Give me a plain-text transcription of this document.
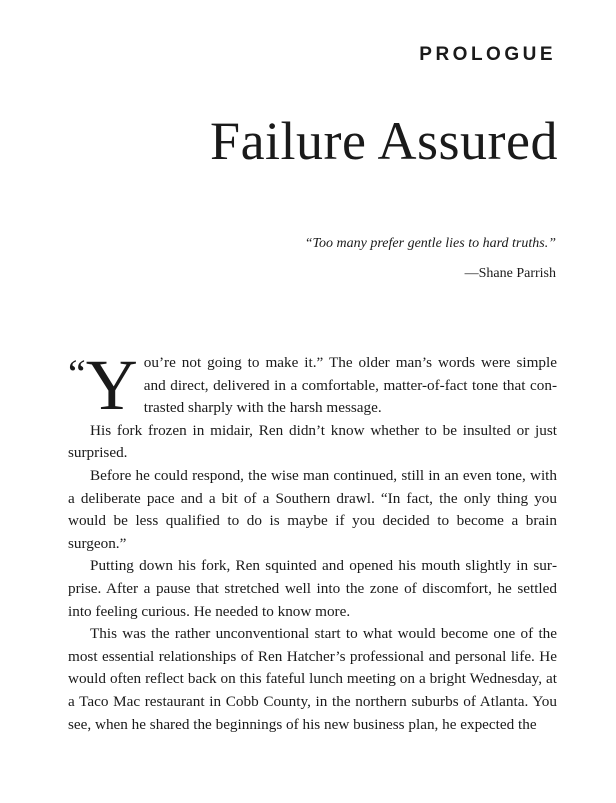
PROLOGUE
Failure Assured
“Too many prefer gentle lies to hard truths.”
—Shane Parrish

“ Y ou’re not going to make it.” The older man’s words were simple and direct, delivered in a comfortable, matter-of-fact tone that contrasted sharply with the harsh message.

His fork frozen in midair, Ren didn’t know whether to be insulted or just surprised.

Before he could respond, the wise man continued, still in an even tone, with a deliberate pace and a bit of a Southern drawl. “In fact, the only thing you would be less qualified to do is maybe if you decided to become a brain surgeon.”

Putting down his fork, Ren squinted and opened his mouth slightly in surprise. After a pause that stretched well into the zone of discomfort, he settled into feeling curious. He needed to know more.

This was the rather unconventional start to what would become one of the most essential relationships of Ren Hatcher’s professional and personal life. He would often reflect back on this fateful lunch meeting on a bright Wednesday, at a Taco Mac restaurant in Cobb County, in the northern suburbs of Atlanta. You see, when he shared the beginnings of his new business plan, he expected the
